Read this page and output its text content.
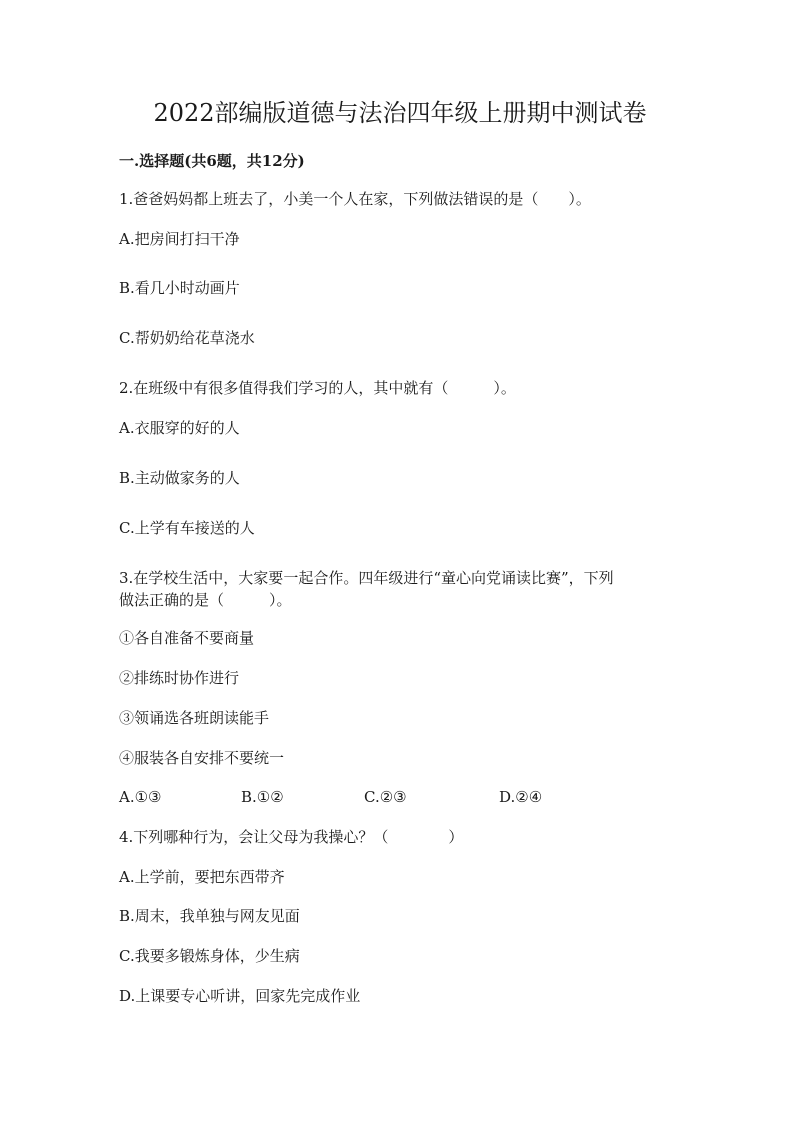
2022部编版道德与法治四年级上册期中测试卷
一.选择题(共6题，共12分)
1.爸爸妈妈都上班去了，小美一个人在家，下列做法错误的是（　　）。
A.把房间打扫干净
B.看几小时动画片
C.帮奶奶给花草浇水
2.在班级中有很多值得我们学习的人，其中就有（　　　）。
A.衣服穿的好的人
B.主动做家务的人
C.上学有车接送的人
3.在学校生活中，大家要一起合作。四年级进行“童心向党诵读比赛”，下列
做法正确的是（　　　）。
①各自准备不要商量
②排练时协作进行
③领诵选各班朗读能手
④服装各自安排不要统一
A.①③	B.①②	C.②③	D.②④
4.下列哪种行为，会让父母为我操心？（　　　　）
A.上学前，要把东西带齐
B.周末，我单独与网友见面
C.我要多锻炼身体，少生病
D.上课要专心听讲，回家先完成作业
